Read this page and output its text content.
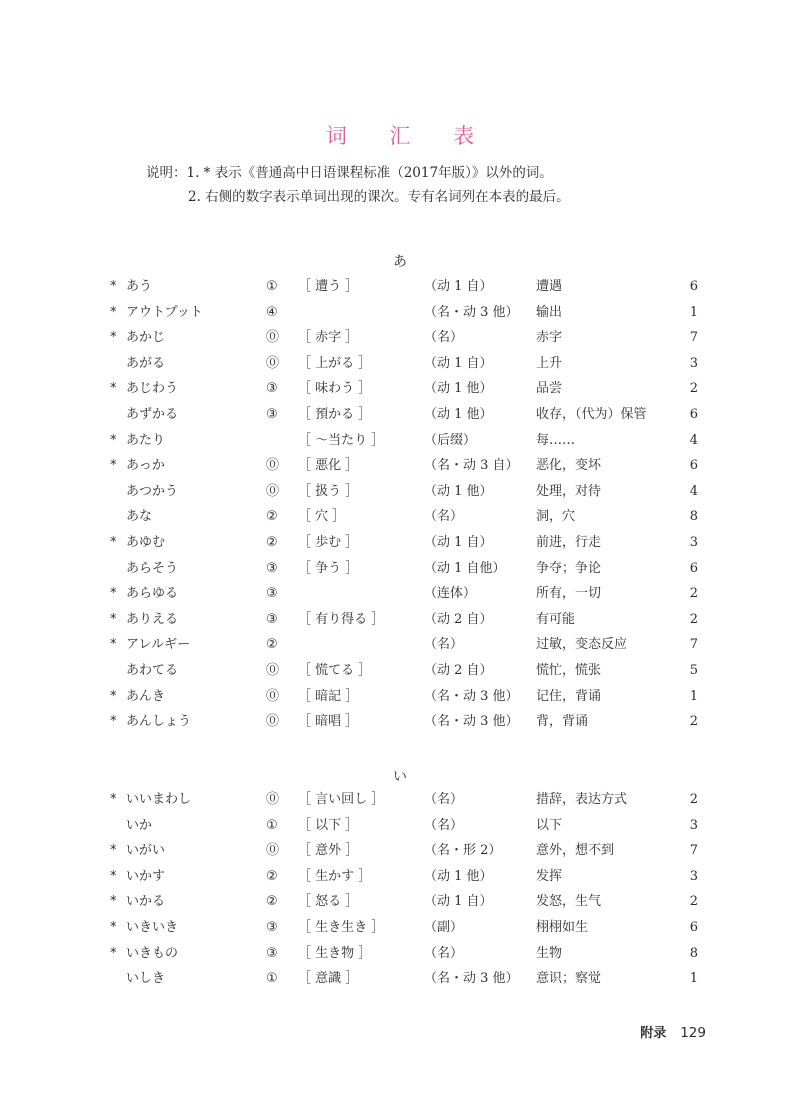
词 汇 表
说明：1. * 表示《普通高中日语课程标准（2017年版）》以外的词。
2. 右侧的数字表示单词出现的课次。专有名词列在本表的最后。
あ
* あう	① ［ 遭う ］	（动 1 自）	遭遇	6
* アウトプット	④	（名・动 3 他） 输出	1
* あかじ	⓪ ［ 赤字 ］	（名）	赤字	7
あがる	⓪ ［ 上がる ］	（动 1 自）	上升	3
* あじわう	③ ［ 味わう ］	（动 1 他）	品尝	2
あずかる	③ ［ 預かる ］	（动 1 他）	收存，（代为）保管	6
* あたり	［ ～当たり ］	（后缀）	每……	4
* あっか	⓪ ［ 悪化 ］	（名・动 3 自） 恶化，变坏	6
あつかう	⓪ ［ 扱う ］	（动 1 他）	处理，对待	4
あな	② ［ 穴 ］	（名）	洞，穴	8
* あゆむ	② ［ 歩む ］	（动 1 自）	前进，行走	3
あらそう	③ ［ 争う ］	（动 1 自他） 争夺；争论	6
* あらゆる	③	（连体）	所有，一切	2
* ありえる	③ ［ 有り得る ］	（动 2 自）	有可能	2
* アレルギー	②	（名）	过敏，变态反应	7
あわてる	⓪ ［ 慌てる ］	（动 2 自）	慌忙，慌张	5
* あんき	⓪ ［ 暗記 ］	（名・动 3 他） 记住，背诵	1
* あんしょう	⓪ ［ 暗唱 ］	（名・动 3 他） 背，背诵	2
い
* いいまわし	⓪ ［ 言い回し ］	（名）	措辞，表达方式	2
いか	① ［ 以下 ］	（名）	以下	3
* いがい	⓪ ［ 意外 ］	（名・形 2）	意外，想不到	7
* いかす	② ［ 生かす ］	（动 1 他）	发挥	3
* いかる	② ［ 怒る ］	（动 1 自）	发怒，生气	2
* いきいき	③ ［ 生き生き ］	（副）	栩栩如生	6
* いきもの	③ ［ 生き物 ］	（名）	生物	8
いしき	① ［ 意識 ］	（名・动 3 他） 意识；察觉	1
附录 129
